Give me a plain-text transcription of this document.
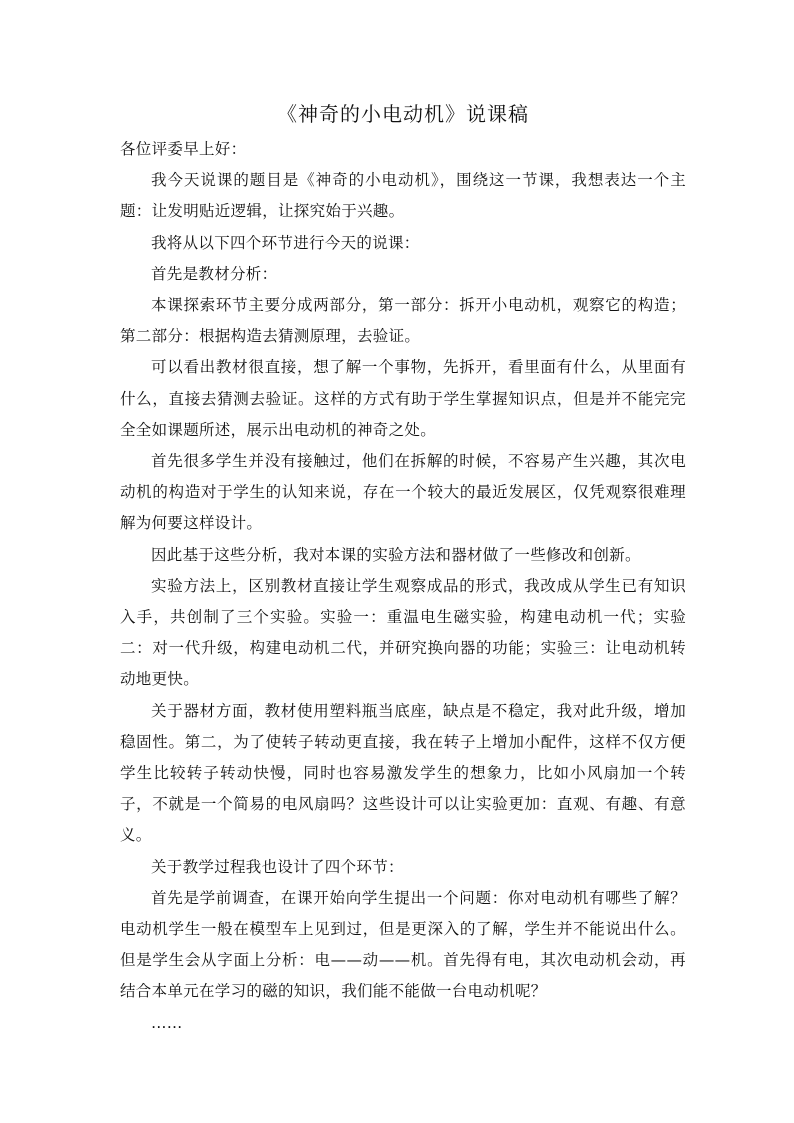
《神奇的小电动机》说课稿

各位评委早上好：

我今天说课的题目是《神奇的小电动机》，围绕这一节课，我想表达一个主题：让发明贴近逻辑，让探究始于兴趣。

我将从以下四个环节进行今天的说课：

首先是教材分析：

本课探索环节主要分成两部分，第一部分：拆开小电动机，观察它的构造；第二部分：根据构造去猜测原理，去验证。

可以看出教材很直接，想了解一个事物，先拆开，看里面有什么，从里面有什么，直接去猜测去验证。这样的方式有助于学生掌握知识点，但是并不能完完全全如课题所述，展示出电动机的神奇之处。

首先很多学生并没有接触过，他们在拆解的时候，不容易产生兴趣，其次电动机的构造对于学生的认知来说，存在一个较大的最近发展区，仅凭观察很难理解为何要这样设计。

因此基于这些分析，我对本课的实验方法和器材做了一些修改和创新。

实验方法上，区别教材直接让学生观察成品的形式，我改成从学生已有知识入手，共创制了三个实验。实验一：重温电生磁实验，构建电动机一代；实验二：对一代升级，构建电动机二代，并研究换向器的功能；实验三：让电动机转动地更快。

关于器材方面，教材使用塑料瓶当底座，缺点是不稳定，我对此升级，增加稳固性。第二，为了使转子转动更直接，我在转子上增加小配件，这样不仅方便学生比较转子转动快慢，同时也容易激发学生的想象力，比如小风扇加一个转子，不就是一个简易的电风扇吗？这些设计可以让实验更加：直观、有趣、有意义。

关于教学过程我也设计了四个环节：

首先是学前调查，在课开始向学生提出一个问题：你对电动机有哪些了解？电动机学生一般在模型车上见到过，但是更深入的了解，学生并不能说出什么。但是学生会从字面上分析：电——动——机。首先得有电，其次电动机会动，再结合本单元在学习的磁的知识，我们能不能做一台电动机呢？

……
